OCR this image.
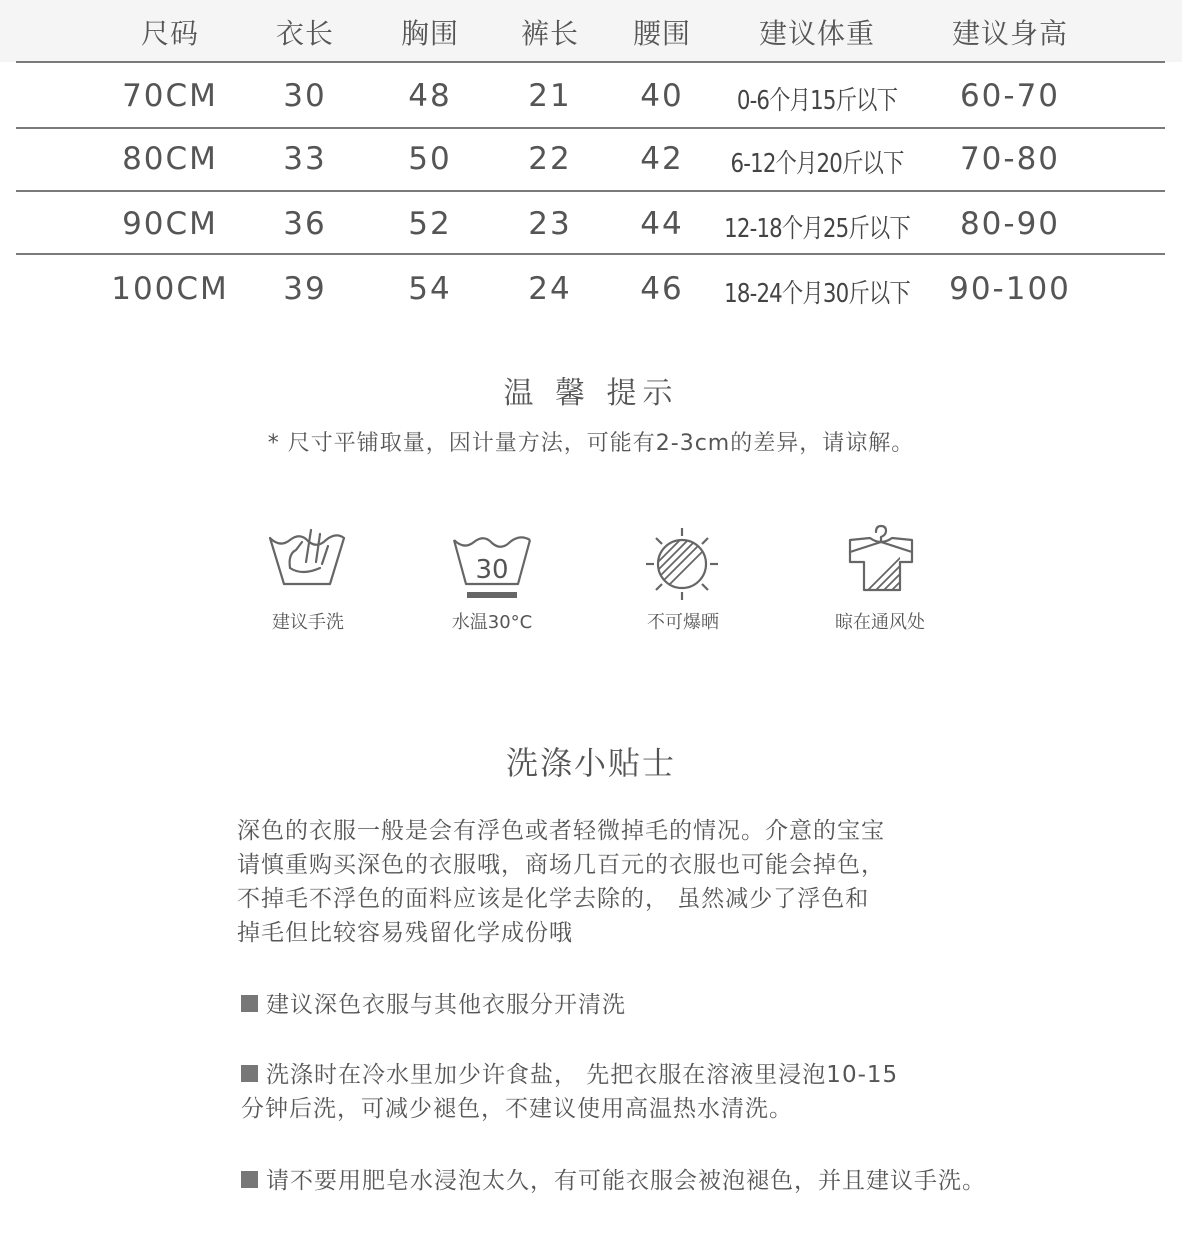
尺码	衣长 胸围 裤长 腰围 建议体重	建议身高
70CM 30	48 21 40 0-6个月15斤以下 60-70
80CM 33	50 22 42 6-12个月20斤以下 70-80
90CM 36	52 23 44 12-18个月25斤以下 80-90
100CM 39	54 24 46 18-24个月30斤以下 90-100
温 馨 提示
* 尺寸平铺取量，因计量方法，可能有2-3cm的差异，请谅解。
建议手洗
30
水温30°C	不可爆晒	晾在通风处
洗涤小贴士
深色的衣服一般是会有浮色或者轻微掉毛的情况。介意的宝宝
请慎重购买深色的衣服哦，商场几百元的衣服也可能会掉色，
不掉毛不浮色的面料应该是化学去除的， 虽然减少了浮色和
掉毛但比较容易残留化学成份哦
建议深色衣服与其他衣服分开清洗
洗涤时在冷水里加少许食盐， 先把衣服在溶液里浸泡10-15
分钟后洗，可减少褪色，不建议使用高温热水清洗。
请不要用肥皂水浸泡太久，有可能衣服会被泡褪色，并且建议手洗。
